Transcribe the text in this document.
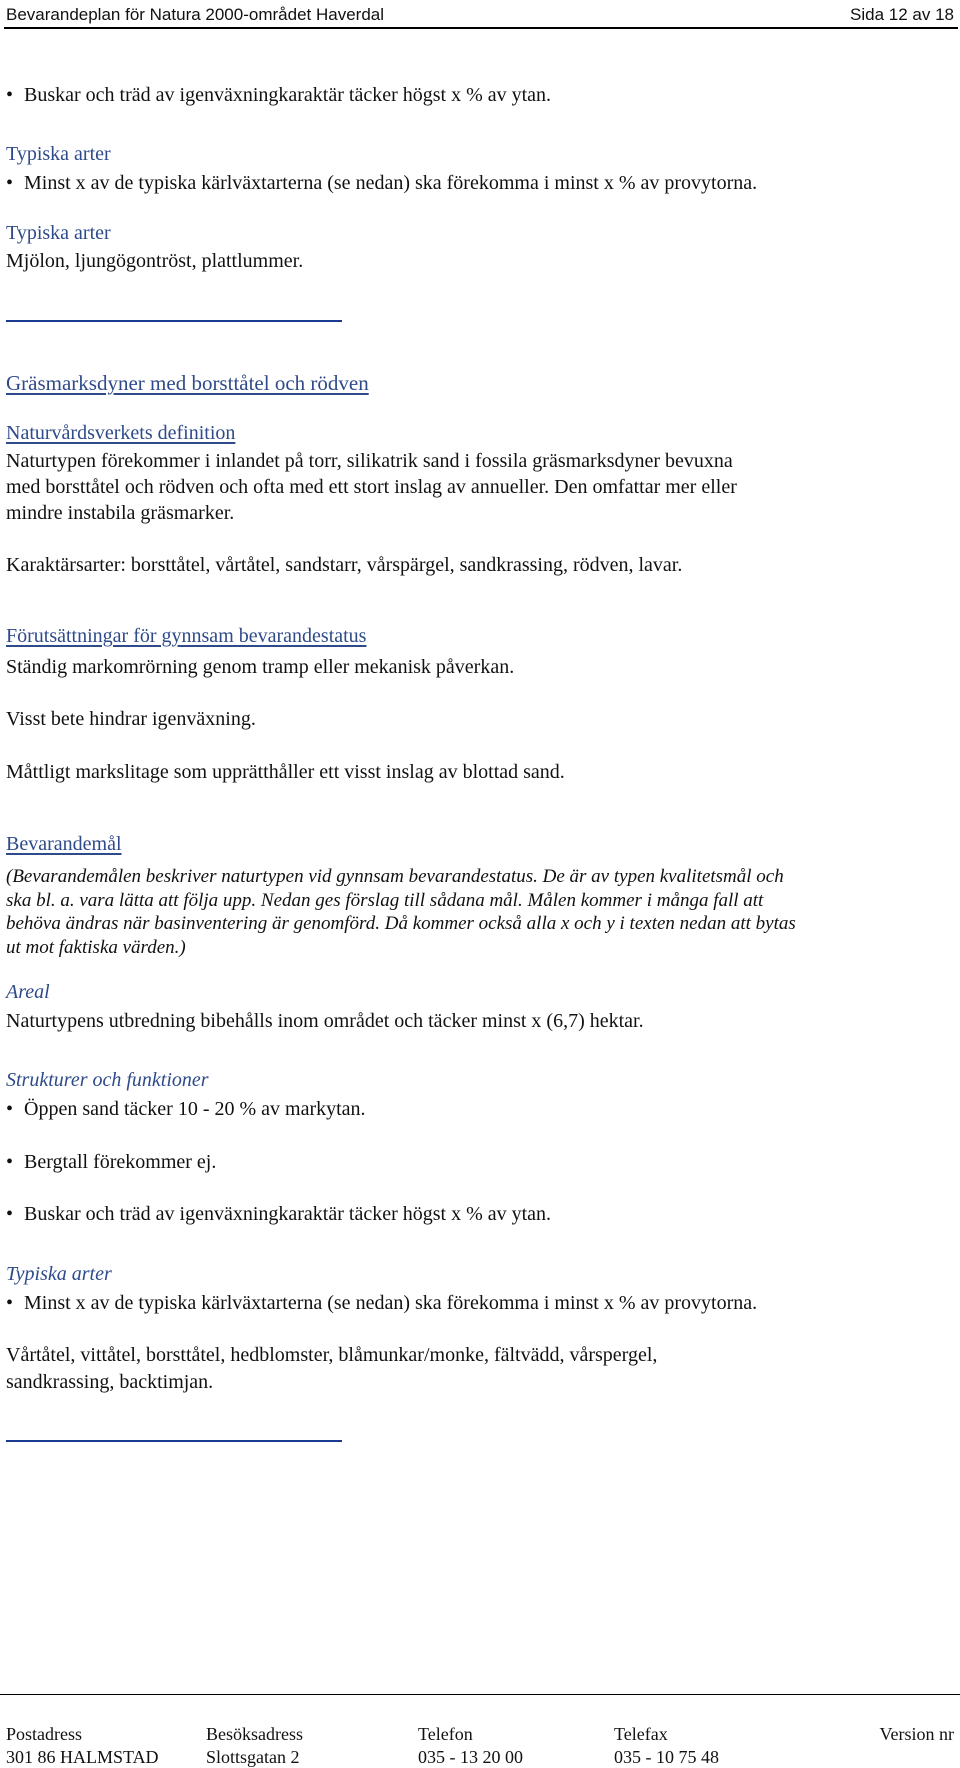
Bevarandeplan för Natura 2000-området Haverdal	Sida 12 av 18
• Buskar och träd av igenväxningkaraktär täcker högst x % av ytan.
Typiska arter
• Minst x av de typiska kärlväxtarterna (se nedan) ska förekomma i minst x % av provytorna.
Typiska arter
Mjölon, ljungögontröst, plattlummer.
Gräsmarksdyner med borsttåtel och rödven
Naturvårdsverkets definition
Naturtypen förekommer i inlandet på torr, silikatrik sand i fossila gräsmarksdyner bevuxna
med borsttåtel och rödven och ofta med ett stort inslag av annueller. Den omfattar mer eller
mindre instabila gräsmarker.
Karaktärsarter: borsttåtel, vårtåtel, sandstarr, vårspärgel, sandkrassing, rödven, lavar.
Förutsättningar för gynnsam bevarandestatus
Ständig markomrörning genom tramp eller mekanisk påverkan.
Visst bete hindrar igenväxning.
Måttligt markslitage som upprätthåller ett visst inslag av blottad sand.
Bevarandemål
(Bevarandemålen beskriver naturtypen vid gynnsam bevarandestatus. De är av typen kvalitetsmål och
ska bl. a. vara lätta att följa upp. Nedan ges förslag till sådana mål. Målen kommer i många fall att
behöva ändras när basinventering är genomförd. Då kommer också alla x och y i texten nedan att bytas
ut mot faktiska värden.)
Areal
Naturtypens utbredning bibehålls inom området och täcker minst x (6,7) hektar.
Strukturer och funktioner
• Öppen sand täcker 10 - 20 % av markytan.
• Bergtall förekommer ej.
• Buskar och träd av igenväxningkaraktär täcker högst x % av ytan.
Typiska arter
• Minst x av de typiska kärlväxtarterna (se nedan) ska förekomma i minst x % av provytorna.
Vårtåtel, vittåtel, borsttåtel, hedblomster, blåmunkar/monke, fältvädd, vårspergel,
sandkrassing, backtimjan.
Postadress	Besöksadress	Telefon	Telefax	Version nr
301 86 HALMSTAD	Slottsgatan 2	035 - 13 20 00	035 - 10 75 48
